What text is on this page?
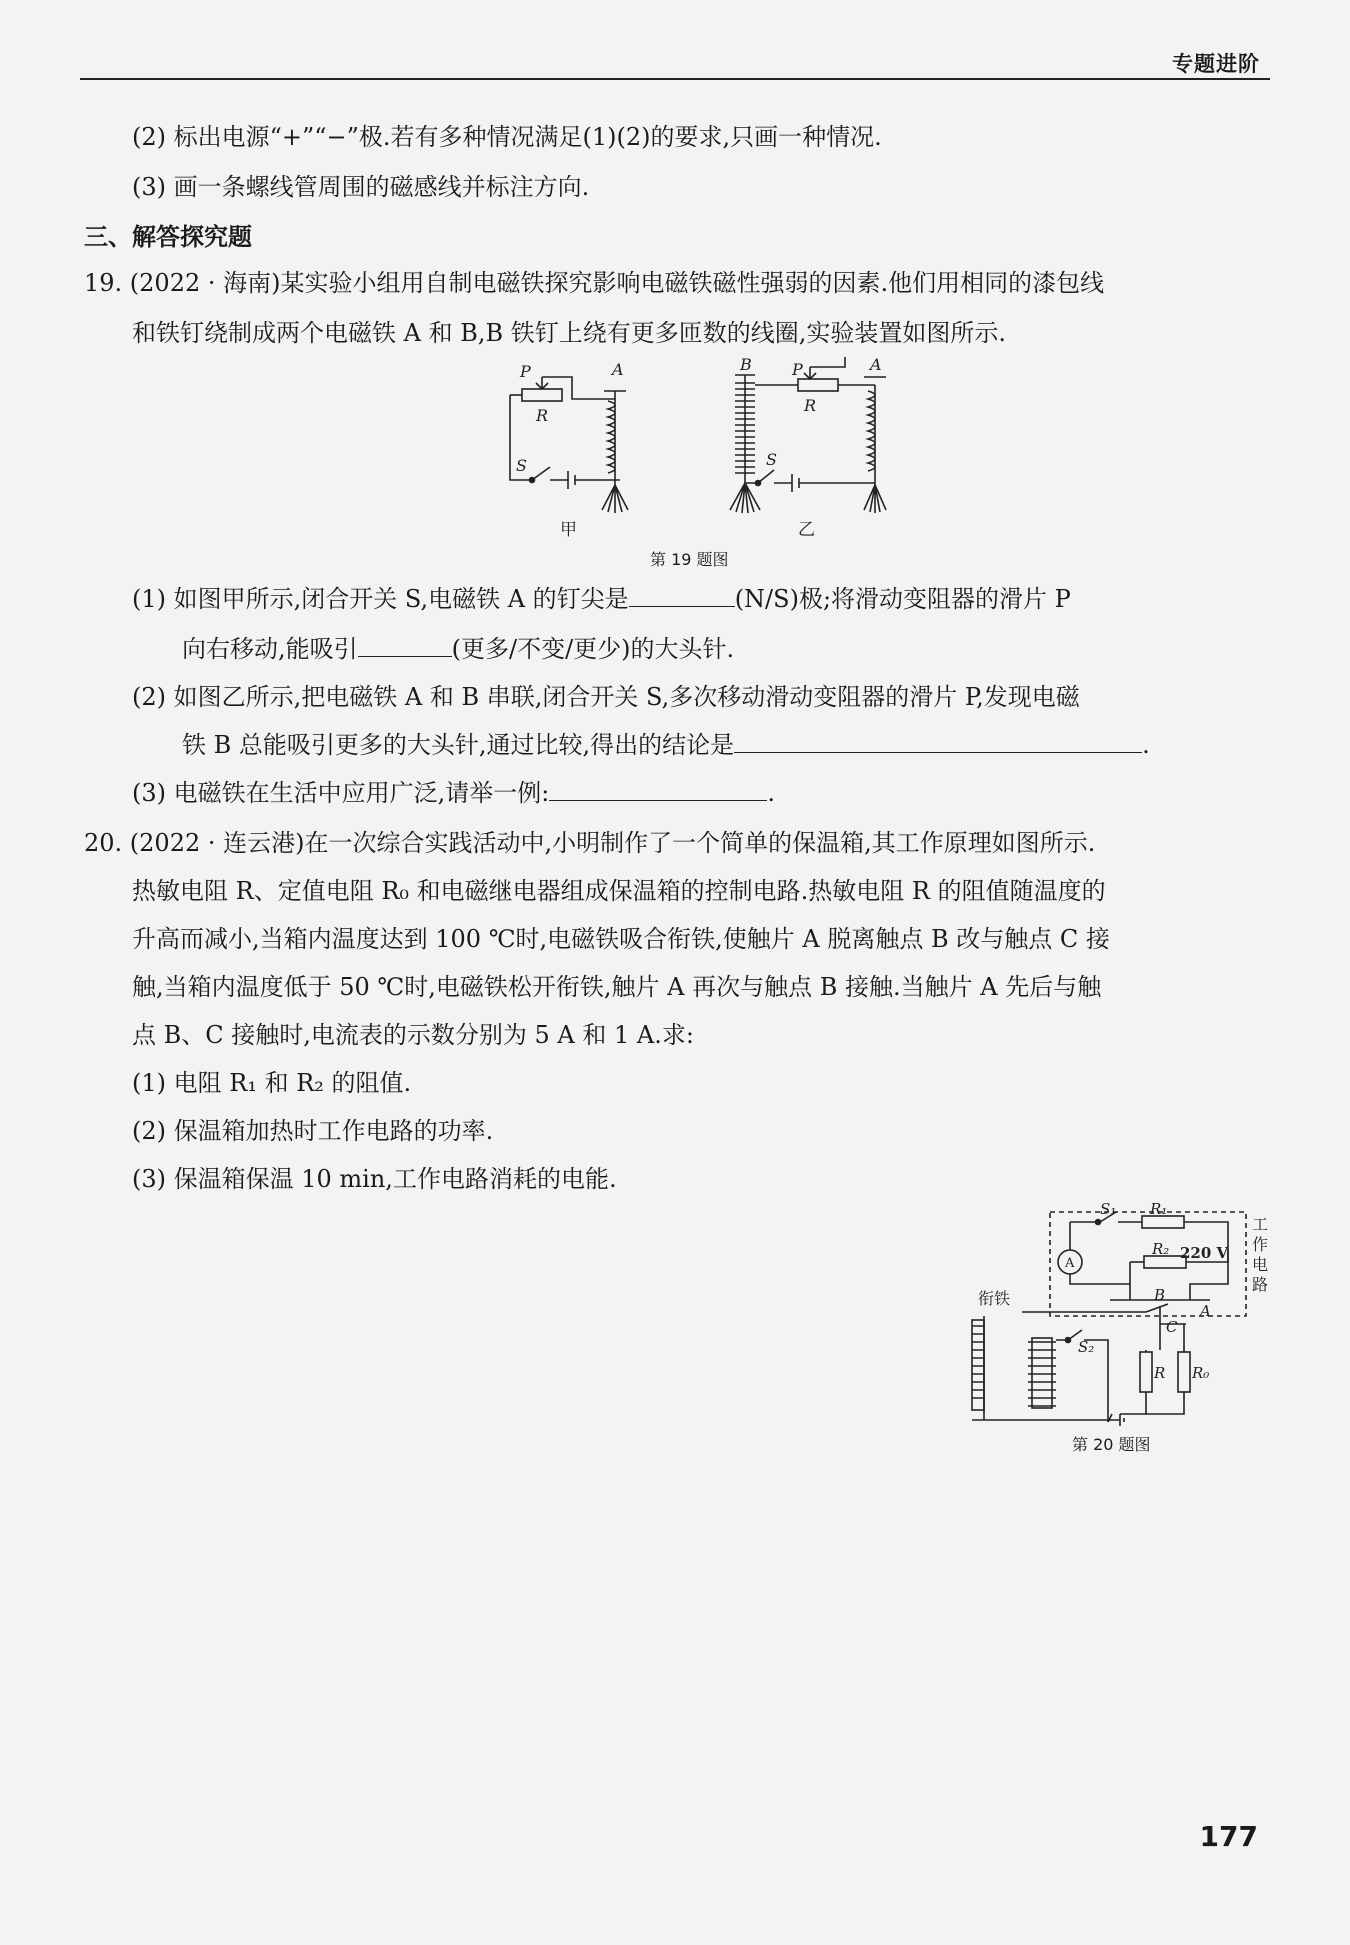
专题进阶
(2) 标出电源“+”“−”极.若有多种情况满足(1)(2)的要求,只画一种情况.
(3) 画一条螺线管周围的磁感线并标注方向.
三、解答探究题
19. (2022 · 海南)某实验小组用自制电磁铁探究影响电磁铁磁性强弱的因素.他们用相同的漆包线
和铁钉绕制成两个电磁铁 A 和 B,B 铁钉上绕有更多匝数的线圈,实验装置如图所示.
P
R
S
A	B	P
R
S
A
甲	乙
第 19 题图
(1) 如图甲所示,闭合开关 S,电磁铁 A 的钉尖是	(N/S)极;将滑动变阻器的滑片 P
向右移动,能吸引	(更多/不变/更少)的大头针.
(2) 如图乙所示,把电磁铁 A 和 B 串联,闭合开关 S,多次移动滑动变阻器的滑片 P,发现电磁
铁 B 总能吸引更多的大头针,通过比较,得出的结论是	.
(3) 电磁铁在生活中应用广泛,请举一例:	.
20. (2022 · 连云港)在一次综合实践活动中,小明制作了一个简单的保温箱,其工作原理如图所示.
热敏电阻 R、定值电阻 R₀ 和电磁继电器组成保温箱的控制电路.热敏电阻 R 的阻值随温度的
升高而减小,当箱内温度达到 100 ℃时,电磁铁吸合衔铁,使触片 A 脱离触点 B 改与触点 C 接
触,当箱内温度低于 50 ℃时,电磁铁松开衔铁,触片 A 再次与触点 B 接触.当触片 A 先后与触
点 B、C 接触时,电流表的示数分别为 5 A 和 1 A.求:
(1) 电阻 R₁ 和 R₂ 的阻值.
(2) 保温箱加热时工作电路的功率.
(3) 保温箱保温 10 min,工作电路消耗的电能.
S₁ R₁
R₂
B
A
C
S₂
R R₀
A
220 V
衔铁
工 作 电 路
第 20 题图
177
